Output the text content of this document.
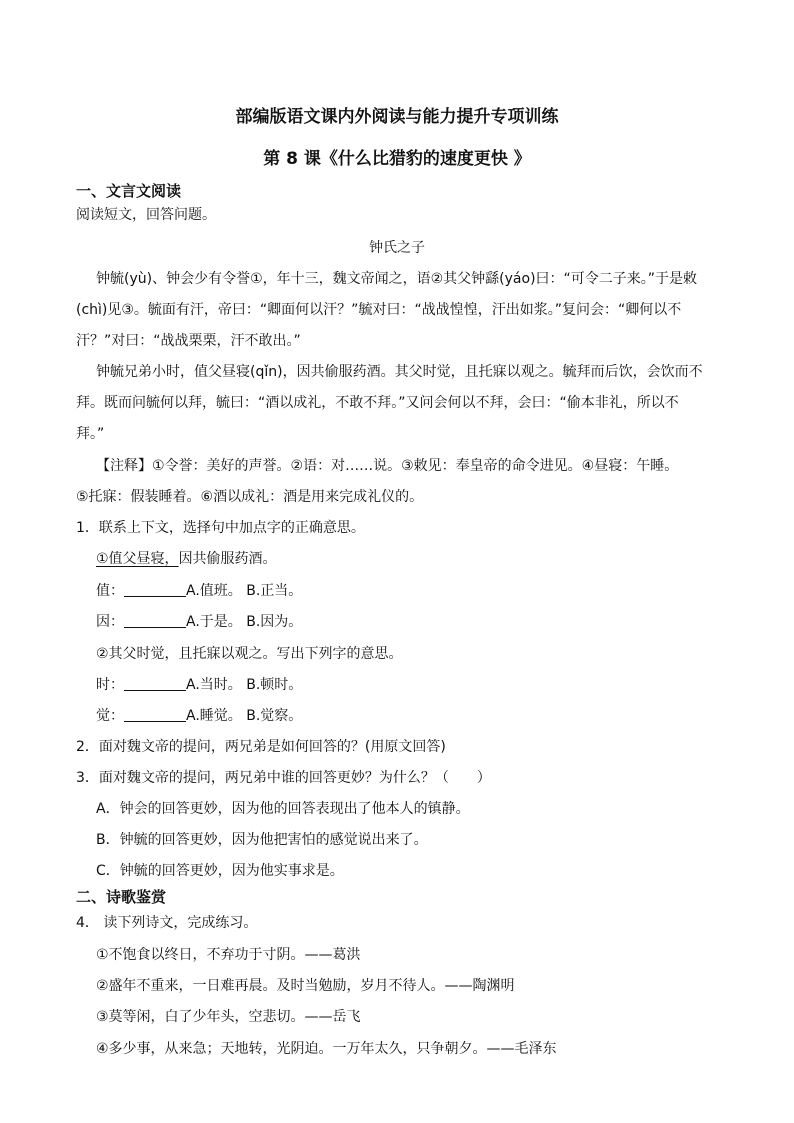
部编版语文课内外阅读与能力提升专项训练
第 8 课《什么比猎豹的速度更快 》
一、文言文阅读
阅读短文，回答问题。
钟氏之子
钟毓(yù)、钟会少有令誉①，年十三，魏文帝闻之，语②其父钟繇(yáo)曰：“可令二子来。”于是敕
(chì)见③。毓面有汗，帝曰：“卿面何以汗？”毓对曰：“战战惶惶，汗出如浆。”复问会：“卿何以不
汗？”对曰：“战战栗栗，汗不敢出。”
钟毓兄弟小时，值父昼寝(qǐn)，因共偷服药酒。其父时觉，且托寐以观之。毓拜而后饮，会饮而不
拜。既而问毓何以拜，毓曰：“酒以成礼，不敢不拜。”又问会何以不拜，会曰：“偷本非礼，所以不
拜。”
【注释】①令誉：美好的声誉。②语：对……说。③敕见：奉皇帝的命令进见。④昼寝：午睡。
⑤托寐：假装睡着。⑥酒以成礼：酒是用来完成礼仪的。
1．联系上下文，选择句中加点字的正确意思。
①值父昼寝，因共偷服药酒。
值：	A.值班。 B.正当。
因：	A.于是。 B.因为。
②其父时觉，且托寐以观之。写出下列字的意思。
时：	A.当时。 B.顿时。
觉：	A.睡觉。 B.觉察。
2．面对魏文帝的提问，两兄弟是如何回答的？(用原文回答)
3．面对魏文帝的提问，两兄弟中谁的回答更妙？为什么？（　　）
A．钟会的回答更妙，因为他的回答表现出了他本人的镇静。
B．钟毓的回答更妙，因为他把害怕的感觉说出来了。
C．钟毓的回答更妙，因为他实事求是。
二、诗歌鉴赏
4． 读下列诗文，完成练习。
①不饱食以终日，不弃功于寸阴。——葛洪
②盛年不重来，一日难再晨。及时当勉励，岁月不待人。——陶渊明
③莫等闲，白了少年头，空悲切。——岳飞
④多少事，从来急；天地转，光阴迫。一万年太久，只争朝夕。——毛泽东
